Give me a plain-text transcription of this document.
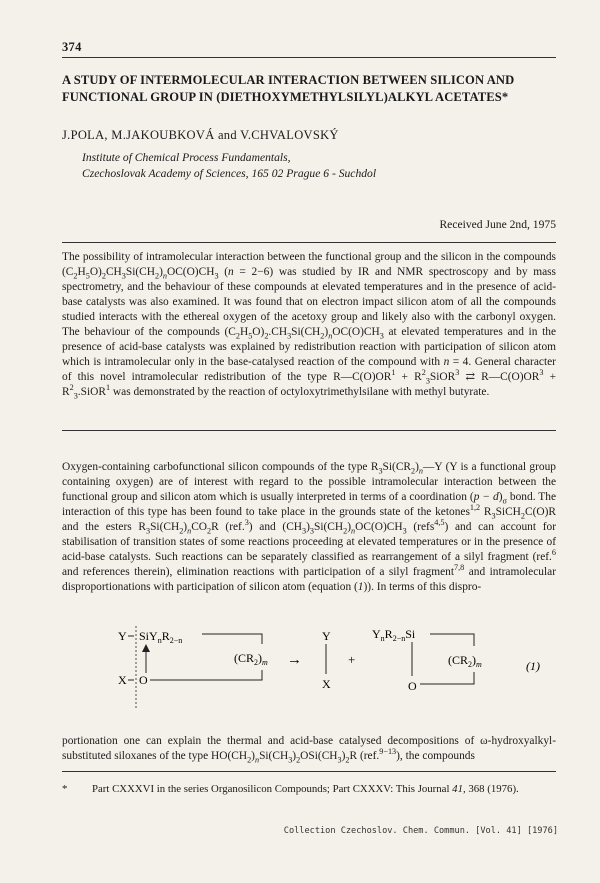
374
A STUDY OF INTERMOLECULAR INTERACTION BETWEEN SILICON AND FUNCTIONAL GROUP IN (DIETHOXYMETHYLSILYL)ALKYL ACETATES*
J.POLA, M.JAKOUBKOVÁ and V.CHVALOVSKÝ
Institute of Chemical Process Fundamentals,
Czechoslovak Academy of Sciences, 165 02 Prague 6 - Suchdol
Received June 2nd, 1975

The possibility of intramolecular interaction between the functional group and the silicon in the compounds $(C_2H_5O)_2CH_3Si(CH_2)_nOC(O)CH_3$ (n = 2−6) was studied by IR and NMR spectroscopy and by mass spectrometry, and the behaviour of these compounds at elevated temperatures and in the presence of acid-base catalysts was also examined. It was found that on electron impact silicon atom of all the compounds studied interacts with the ethereal oxygen of the acetoxy group and likely also with the carbonyl oxygen. The behaviour of the compounds $(C_2H_5O)_2.CH_3Si(CH_2)_nOC(O)CH_3$ at elevated temperatures and in the presence of acid-base catalysts was explained by redistribution reaction with participation of silicon atom which is intramolecular only in the base-catalysed reaction of the compound with n = 4. General character of this novel intramolecular redistribution of the type $R—C(O)OR^1$ + $R^2_3SiOR^3$ ⇄ $R—C(O)OR^3$ + $R^2_3.SiOR^1$ was demonstrated by the reaction of octyloxytrimethylsilane with methyl butyrate.

Oxygen-containing carbofunctional silicon compounds of the type $R_3Si(CR_2)_n—Y$ (Y is a functional group containing oxygen) are of interest with regard to the possible intramolecular interaction between the functional group and silicon atom which is usually interpreted in terms of a coordination $(p - d)_\sigma$ bond. The interaction of this type has been found to take place in the grounds state of the ketones$^{1,2}$ $R_3SiCH_2C(O)R$ and the esters $R_3Si(CH_2)_nCO_2R$ (ref.$^3$) and $(CH_3)_3Si(CH_2)_nOC(O)CH_3$ (refs$^{4,5}$) and can account for stabilisation of transition states of some reactions proceeding at elevated temperatures or in the presence of acid-base catalysts. Such reactions can be separately classified as rearrangement of a silyl fragment (ref.$^6$ and references therein), elimination reactions with participation of a silyl fragment$^{7,8}$ and intramolecular disproportionations with participation of silicon atom (equation (1)). In terms of this dispro-

Y $SiY_nR_{2-n}$
$(CR_2)_m$
X O
→
Y
X
+
$Y_nR_{2-n}Si$
$(CR_2)_m$
O
(1)

portionation one can explain the thermal and acid-base catalysed decompositions of ω-hydroxyalkyl-substituted siloxanes of the type $HO(CH_2)_nSi(CH_3)_2OSi(CH_3)_2R$ (ref.$^{9-13}$), the compounds

* Part CXXXVI in the series Organosilicon Compounds; Part CXXXV: This Journal 41, 368 (1976).

Collection Czechoslov. Chem. Commun. [Vol. 41] [1976]
